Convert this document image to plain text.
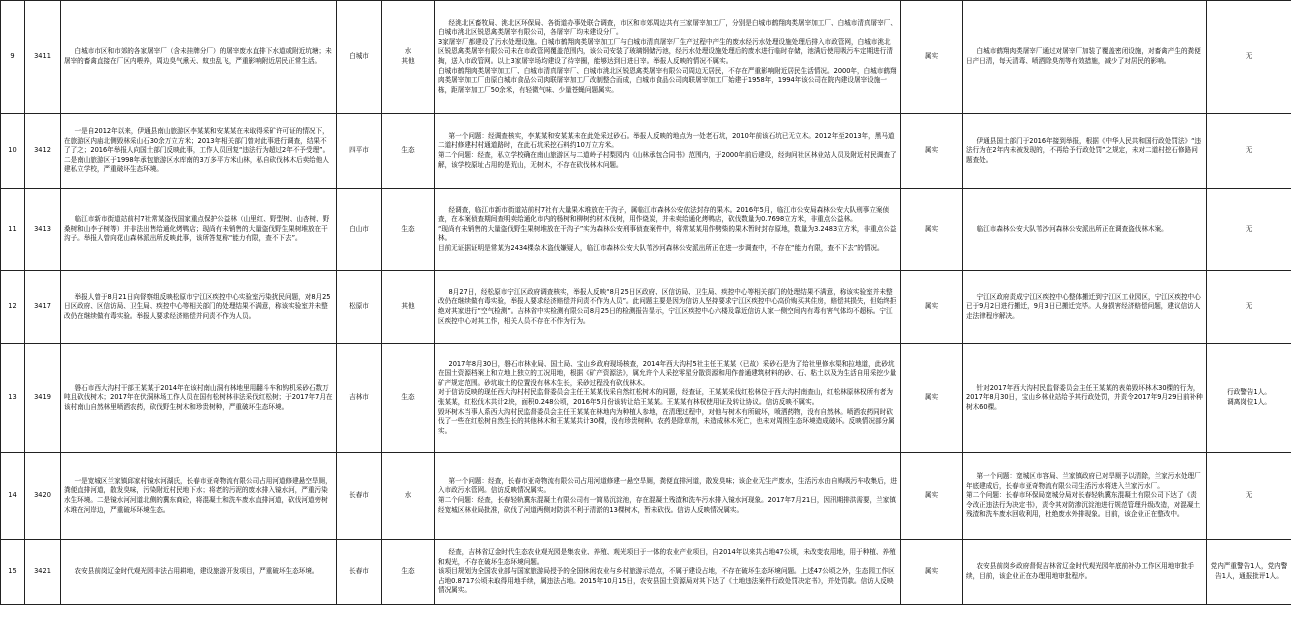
9	3411	白城市市区和市郊的各家屠宰厂（含未挂牌分厂）的屠宰废水直排下水道或附近坑塘；未屠宰的畜禽直接在厂区内喂养，周边臭气熏天、蚊虫乱飞，严重影响附近居民正常生活。	白城市	水
其他	经洮北区畜牧局、洮北区环保局、各街道办事处联合调查，市区和市郊周边共有三家屠宰加工厂，分别是白城市鹤翔肉类屠宰加工厂、白城市清真屠宰厂、白城市洮北区锐恩禽类屠宰有限公司，各屠宰厂均未建设分厂。
3家屠宰厂都建设了污水处理设施。白城市鹤翔肉类屠宰加工厂与白城市清真屠宰厂生产过程中产生的废水经污水处理设施处理后排入市政管网，白城市洮北区锐恩禽类屠宰有限公司未在市政管网覆盖范围内，该公司安装了玻璃钢储污池，经污水处理设施处理后的废水进行临时存储，池满后使用吸污车定期进行清掏，送入市政管网。以上3家屠宰场均建设了待宰圈，能够达到日进日宰。举报人反映的情况不属实。
白城市鹤翔肉类屠宰加工厂、白城市清真屠宰厂、白城市洮北区锐恩禽类屠宰有限公司周边无居民，不存在严重影响附近居民生活情况。2000年，白城市鹤翔肉类屠宰加工厂由原白城市食品公司肉联屠宰加工厂改制整合而成，白城市食品公司肉联屠宰加工厂始建于1958年，1994年该公司在院内建设屠宰设施一栋，距屠宰加工厂50余米，有轻微气味、少量苍蝇问题属实。	属实	白城市鹤翔肉类屠宰厂通过对屠宰厂加装了覆盖密闭设施，对畜禽产生的粪便日产日清，每天清毒、喷洒除臭剂等有效措施，减少了对居民的影响。	无
10	3412	一是自2012年以来，伊通县南山旅游区李某某和安某某在未取得采矿许可证的情况下，在旅游区内庙北侧毁林采山石30余万立方米；2013年相关部门曾对此事进行调查，结果不了了之；2016年举报人向国土部门反映此事，工作人员回复“违法行为超过2年不予受理”。二是南山旅游区于1998年承包旅游区水库南的3万多平方米山林，私自砍伐林木后卖给他人建私立学校，严重破坏生态环境。	四平市	生态	第一个问题：经调查核实，李某某和安某某未在此处采过砂石。举报人反映的地点为一处老石坑，2010年前该石坑已无立木。2012年至2013年，黑马道二道村修建村村通道路时，在此石坑采挖石料约10万立方米。
第二个问题：经查，私立学校确在南山旅游区与二道岭子村梨园内《山林承包合同书》范围内，于2000年前后建设，经询问社区林业站人员及附近村民调查了解，该学校原址占用的是荒山，无树木，不存在砍伐林木问题。	属实	伊通县国土部门于2016年接到举报，根据《中华人民共和国行政处罚法》“违法行为在2年内未被发现的，不再给予行政处罚”之规定，未对二道村挖石修路问题查处。	无
11	3413	临江市新市街道站前村7社常某盗伐国家重点保护公益林（山里红、野型树、山杏树、野桑树和山李子树等）并非法出售给通化烤鸭店；现尚有未销售的大量盗伐野生果树堆放在干沟子。举报人曾向花山森林派出所反映此事，该所答复称“能力有限，查不下去”。	白山市	生态	经调查，临江市新市街道站前村7社有大量果木堆放在干沟子，属临江市森林公安依法封存的果木。2016年5月，临江市公安局森林公安大队刑事立案侦查，在本案侦查期间查明卖给通化市内的杨树和柳树约材木伐树，用作烧炭，并未卖给通化烤鸭店，砍伐数量为0.7698立方米，非重点公益林。
“现尚有未销售的大量盗伐野生果树堆放在干沟子”实为森林公安刑事侦查案件中，将常某某用作劈柴的果木暂时封存原地，数量为3.2483立方米，非重点公益林。
目前无证据证明是常某为2434棵杂木盗伐嫌疑人，临江市森林公安大队苇沙河森林公安派出所正在进一步调查中，不存在“能力有限，查不下去”的情况。	属实	临江市森林公安大队苇沙河森林公安派出所正在调查盗伐林木案。	无
12	3417	举报人曾于8月21日向督察组反映松原市宁江区疾控中心实验室污染扰民问题，对8月25日区政府、区信访局、卫生局、疾控中心等相关部门的处理结果不满意，称该实验室并未整改仍在继续做有毒实验。举报人要求经济赔偿并问责不作为人员。	松原市	其他	8月27日，经松原市宁江区政府调查核实，举报人反映“8月25日区政府、区信访局、卫生局、疾控中心等相关部门的处理结果不满意，称该实验室并未整改仍在继续做有毒实验，举报人要求经济赔偿并问责不作为人员”。此问题主要是因为信访人坚持要求宁江区疾控中心高价购买其住房，赔偿其损失，但始终拒绝对其家进行“空气检测”。吉林省中实检测有限公司8月25日的检测报告显示，宁江区疾控中心六楼及靠近信访人家一侧空间内有毒有害气体均不超标。宁江区疾控中心对其工作，相关人员不存在不作为行为。	属实	宁江区政府责成宁江区疾控中心整体搬迁到宁江区工业园区，宁江区疾控中心已于9月2日进行搬迁，9月3日已搬迁完毕。人身损害经济赔偿问题，建议信访人走法律程序解决。	无
13	3419	磐石市西大沟村干部王某某于2014年在该村南山洞有林地里用翻斗车和钩机采砂石数万吨且砍伐树木；2017年在伏洞林场工作人员在国有松树林非法采伐红松树；于2017年7月在该村南山自然林里喷洒农药，砍伐野生树木和珍贵树种，严重破坏生态环境。	吉林市	生态	2017年8月30日，磐石市林业局、国土局、宝山乡政府现场核查，2014年西大沟村5社主任王某某（已故）采砂石是为了给社里修水渠和拉地道，此砂坑在国土资源档案上和立地上独立的工况用地，根据《矿产资源法》，属允许个人采挖零星分散资源和用作普通建筑材料的砂、石、粘土以及为生活自用采挖少量矿产规定范围。砂坑取土的位置没有林木生长，采砂过程没有砍伐林木。
对于信访反映的现任西大沟村村民监督委员会主任王某某伐采自然红松树木的问题，经查证，王某某采伐红松林位于西大沟村南查山，红松林原林权所有者为张某某，红松伐木共计2块，面积0.248公顷，2016年5月份该转让给王某某。王某某有林权使用证及转让协议。信访反映不属实。
毁坏树木当事人系西大沟村民监督委员会主任王某某在林地内为种植人参地，在清理过程中，对他与树木有所破坏，喷洒药物，没有自然林。喷洒农药同时砍伐了一些在红松树自然生长的其他林木和王某某共计30棵，没有珍贵树种。农药是除草剂，未造成林木死亡，也未对周围生态环境造成破坏。反映情况部分属实。	属实	针对2017年西大沟村民监督委员会主任王某某的表弟毁坏林木30棵的行为，2017年8月30日，宝山乡林业站给予其行政处罚，并责令2017年9月29日前补种树木60棵。	行政警告1人。
调离岗位1人。
14	3420	一是宽城区兰家镇邱家村镜水河湖氏，长春市亚奇物流有限公司占用河道修建悬空旱厕，粪便直排河道，散发臭味，污染附近村民地下水；将老的污泥的废水排入镜水河，严重污染水生环境。二是镜水河河道北侧的冀东商砼，将混凝土和洗车废水直排河道，砍伐河道旁树木堆在河岸边，严重破坏环境生态。	长春市	水	第一个问题：经查，长春市亚奇物流有限公司占用河道修建一悬空旱厕，粪便直排河道，散发臭味；该企业无生产废水，生活污水由自购吸污车收集后，进入市政污水管网。信访反映情况属实。
第二个问题：经查，长春轻轨冀东混凝土有限公司有一简易沉淀池，存在混凝土残渣和洗车污水排入镜水河现象。2017年7月21日，因汛期排洪需要，兰家镇经宽城区林业局批准，砍伐了河道两侧对防洪不利于清淤的13棵树木，暂未砍伐。信访人反映情况属实。	属实	第一个问题：宽城区市容局、兰家镇政府已对旱厕予以清除，兰家污水处理厂年底建成后，长春市亚奇物流有限公司生活污水将进入兰家污水厂。
第二个问题：长春市环保局宽城分局对长春轻轨冀东混凝土有限公司下达了《责令改正违法行为决定书》，责令其对防渗沉淀池进行规范管理升级改造，对混凝土残渣和洗车废水回收利用，杜绝废水外排现象。目前，该企业正在整改中。	无
15	3421	农安县前岗辽金时代观光园非法占用耕地，建设旅游开发项目，严重破坏生态环境。	长春市	生态	经查，吉林省辽金时代生态农业观光园是集农业、养殖、观光项目于一体的农业产业项目，自2014年以来共占地47公顷，未改变农用地，用于种植、养殖和观光，不存在破坏生态环境问题。
该项目规划为全国农业部与国家旅游局授予的全国休闲农业与乡村旅游示范点，不属于建设占地，不存在破坏生态环境问题。上述47公顷之外，生态园工作区占地0.8717公顷未取得用地手续，属违法占地。2015年10月15日，农安县国土资源局对其下达了《土地违法案件行政处罚决定书》，并处罚款。信访人反映情况属实。	属实	农安县前岗乡政府督促吉林省辽金时代观光园年底前补办工作区用地审批手续，目前，该企业正在办理用地审批程序。	党内严重警告1人，党内警告1人，通报批评1人。
